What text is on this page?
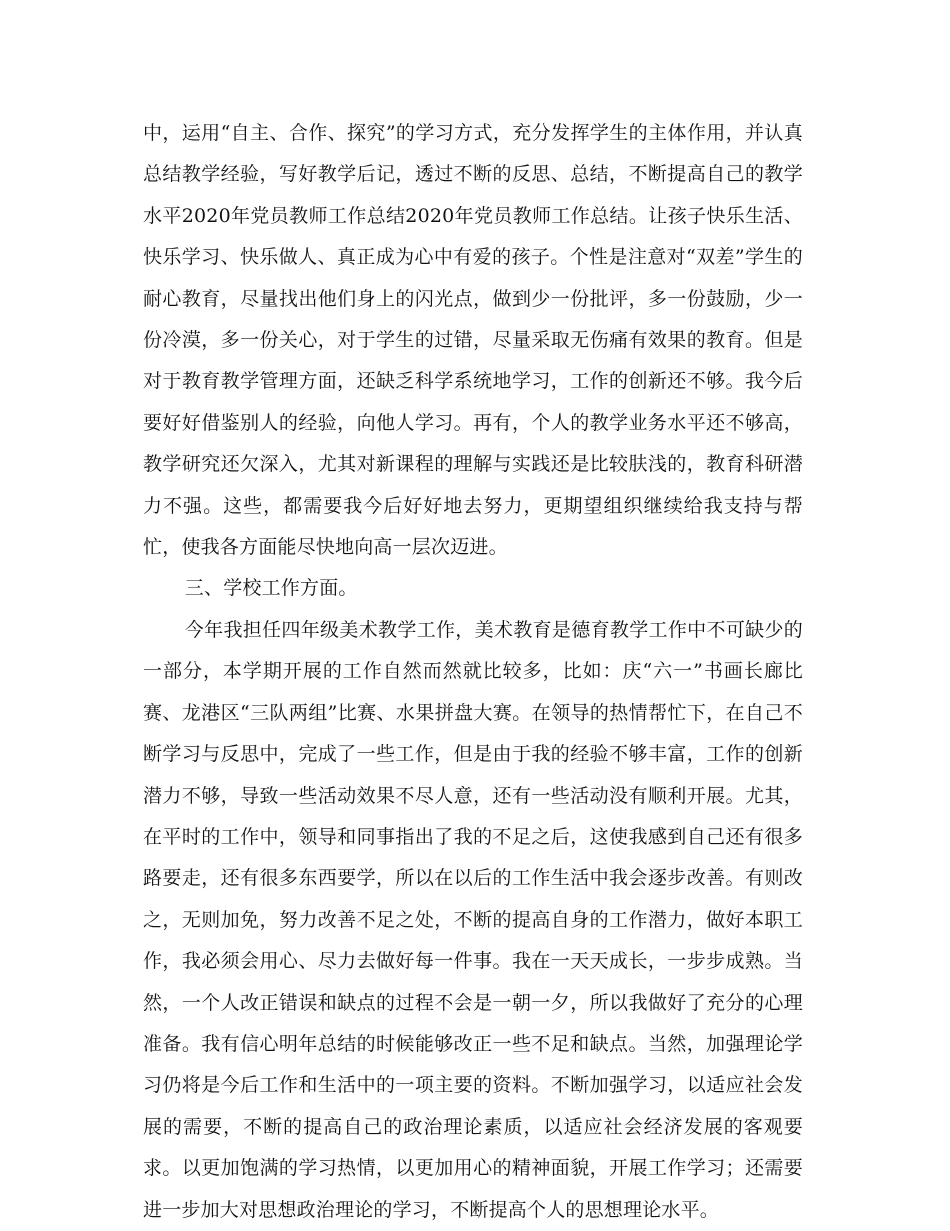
中，运用“自主、合作、探究”的学习方式，充分发挥学生的主体作用，并认真总结教学经验，写好教学后记，透过不断的反思、总结，不断提高自己的教学水平2020年党员教师工作总结2020年党员教师工作总结。让孩子快乐生活、快乐学习、快乐做人、真正成为心中有爱的孩子。个性是注意对“双差”学生的耐心教育，尽量找出他们身上的闪光点，做到少一份批评，多一份鼓励，少一份冷漠，多一份关心，对于学生的过错，尽量采取无伤痛有效果的教育。但是对于教育教学管理方面，还缺乏科学系统地学习，工作的创新还不够。我今后要好好借鉴别人的经验，向他人学习。再有，个人的教学业务水平还不够高，教学研究还欠深入，尤其对新课程的理解与实践还是比较肤浅的，教育科研潜力不强。这些，都需要我今后好好地去努力，更期望组织继续给我支持与帮忙，使我各方面能尽快地向高一层次迈进。

三、学校工作方面。

今年我担任四年级美术教学工作，美术教育是德育教学工作中不可缺少的一部分，本学期开展的工作自然而然就比较多，比如：庆“六一”书画长廊比赛、龙港区“三队两组”比赛、水果拼盘大赛。在领导的热情帮忙下，在自己不断学习与反思中，完成了一些工作，但是由于我的经验不够丰富，工作的创新潜力不够，导致一些活动效果不尽人意，还有一些活动没有顺利开展。尤其，在平时的工作中，领导和同事指出了我的不足之后，这使我感到自己还有很多路要走，还有很多东西要学，所以在以后的工作生活中我会逐步改善。有则改之，无则加免，努力改善不足之处，不断的提高自身的工作潜力，做好本职工作，我必须会用心、尽力去做好每一件事。我在一天天成长，一步步成熟。当然，一个人改正错误和缺点的过程不会是一朝一夕，所以我做好了充分的心理准备。我有信心明年总结的时候能够改正一些不足和缺点。当然，加强理论学习仍将是今后工作和生活中的一项主要的资料。不断加强学习，以适应社会发展的需要，不断的提高自己的政治理论素质，以适应社会经济发展的客观要求。以更加饱满的学习热情，以更加用心的精神面貌，开展工作学习；还需要进一步加大对思想政治理论的学习，不断提高个人的思想理论水平。
